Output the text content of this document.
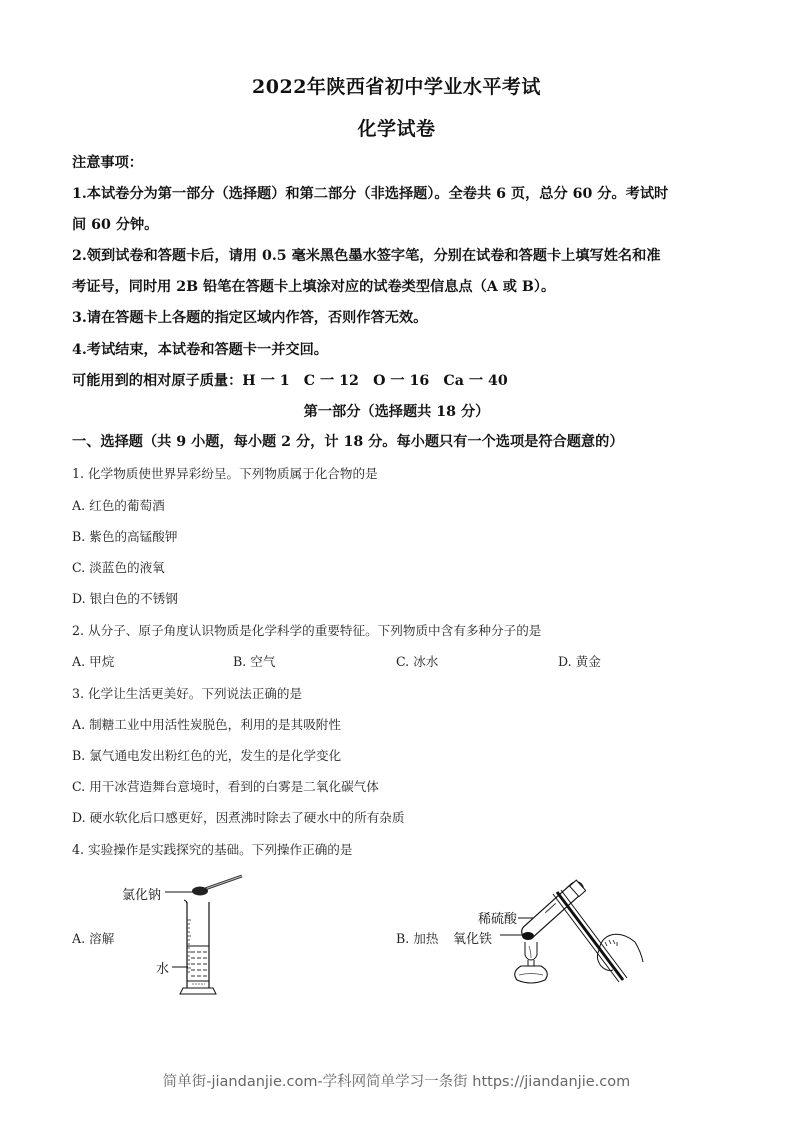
2022年陕西省初中学业水平考试
化学试卷
注意事项：
1.本试卷分为第一部分（选择题）和第二部分（非选择题）。全卷共 6 页，总分 60 分。考试时
间 60 分钟。
2.领到试卷和答题卡后，请用 0.5 毫米黑色墨水签字笔，分别在试卷和答题卡上填写姓名和准
考证号，同时用 2B 铅笔在答题卡上填涂对应的试卷类型信息点（A 或 B）。
3.请在答题卡上各题的指定区域内作答，否则作答无效。
4.考试结束，本试卷和答题卡一并交回。
可能用到的相对原子质量：H 一 1　C 一 12　O 一 16　Ca 一 40
第一部分（选择题共 18 分）
一、选择题（共 9 小题，每小题 2 分，计 18 分。每小题只有一个选项是符合题意的）
1. 化学物质使世界异彩纷呈。下列物质属于化合物的是
A. 红色的葡萄酒
B. 紫色的高锰酸钾
C. 淡蓝色的液氧
D. 银白色的不锈钢
2. 从分子、原子角度认识物质是化学科学的重要特征。下列物质中含有多种分子的是
A. 甲烷	B. 空气	C. 冰水	D. 黄金
3. 化学让生活更美好。下列说法正确的是
A. 制糖工业中用活性炭脱色，利用的是其吸附性
B. 氯气通电发出粉红色的光，发生的是化学变化
C. 用干冰营造舞台意境时，看到的白雾是二氧化碳气体
D. 硬水软化后口感更好，因煮沸时除去了硬水中的所有杂质
4. 实验操作是实践探究的基础。下列操作正确的是
A. 溶解	B. 加热
氯化钠
水
稀硫酸
氧化铁
简单街-jiandanjie.com-学科网简单学习一条街 https://jiandanjie.com
